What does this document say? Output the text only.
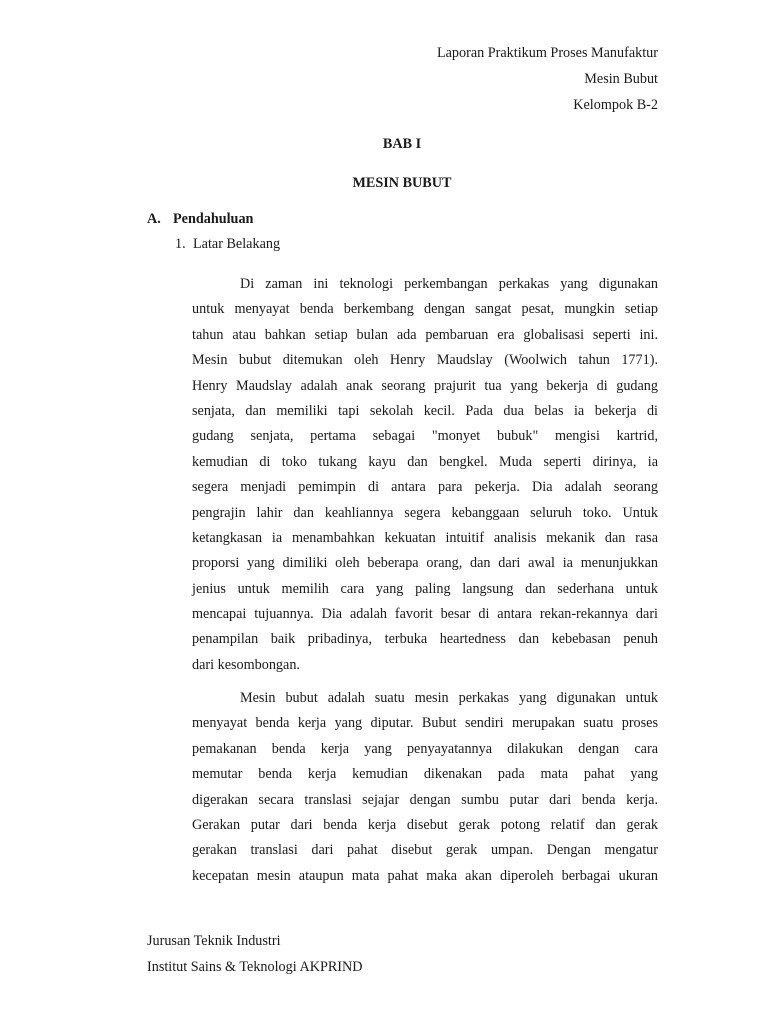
Laporan Praktikum Proses Manufaktur
Mesin Bubut
Kelompok B-2
BAB I
MESIN BUBUT
A. Pendahuluan
1. Latar Belakang
Di zaman ini teknologi perkembangan perkakas yang digunakan
untuk menyayat benda berkembang dengan sangat pesat, mungkin setiap
tahun atau bahkan setiap bulan ada pembaruan era globalisasi seperti ini.
Mesin bubut ditemukan oleh Henry Maudslay (Woolwich tahun 1771).
Henry Maudslay adalah anak seorang prajurit tua yang bekerja di gudang
senjata, dan memiliki tapi sekolah kecil. Pada dua belas ia bekerja di
gudang senjata, pertama sebagai "monyet bubuk" mengisi kartrid,
kemudian di toko tukang kayu dan bengkel. Muda seperti dirinya, ia
segera menjadi pemimpin di antara para pekerja. Dia adalah seorang
pengrajin lahir dan keahliannya segera kebanggaan seluruh toko. Untuk
ketangkasan ia menambahkan kekuatan intuitif analisis mekanik dan rasa
proporsi yang dimiliki oleh beberapa orang, dan dari awal ia menunjukkan
jenius untuk memilih cara yang paling langsung dan sederhana untuk
mencapai tujuannya. Dia adalah favorit besar di antara rekan-rekannya dari
penampilan baik pribadinya, terbuka heartedness dan kebebasan penuh
dari kesombongan.
Mesin bubut adalah suatu mesin perkakas yang digunakan untuk
menyayat benda kerja yang diputar. Bubut sendiri merupakan suatu proses
pemakanan benda kerja yang penyayatannya dilakukan dengan cara
memutar benda kerja kemudian dikenakan pada mata pahat yang
digerakan secara translasi sejajar dengan sumbu putar dari benda kerja.
Gerakan putar dari benda kerja disebut gerak potong relatif dan gerak
gerakan translasi dari pahat disebut gerak umpan. Dengan mengatur
kecepatan mesin ataupun mata pahat maka akan diperoleh berbagai ukuran
Jurusan Teknik Industri
Institut Sains & Teknologi AKPRIND
